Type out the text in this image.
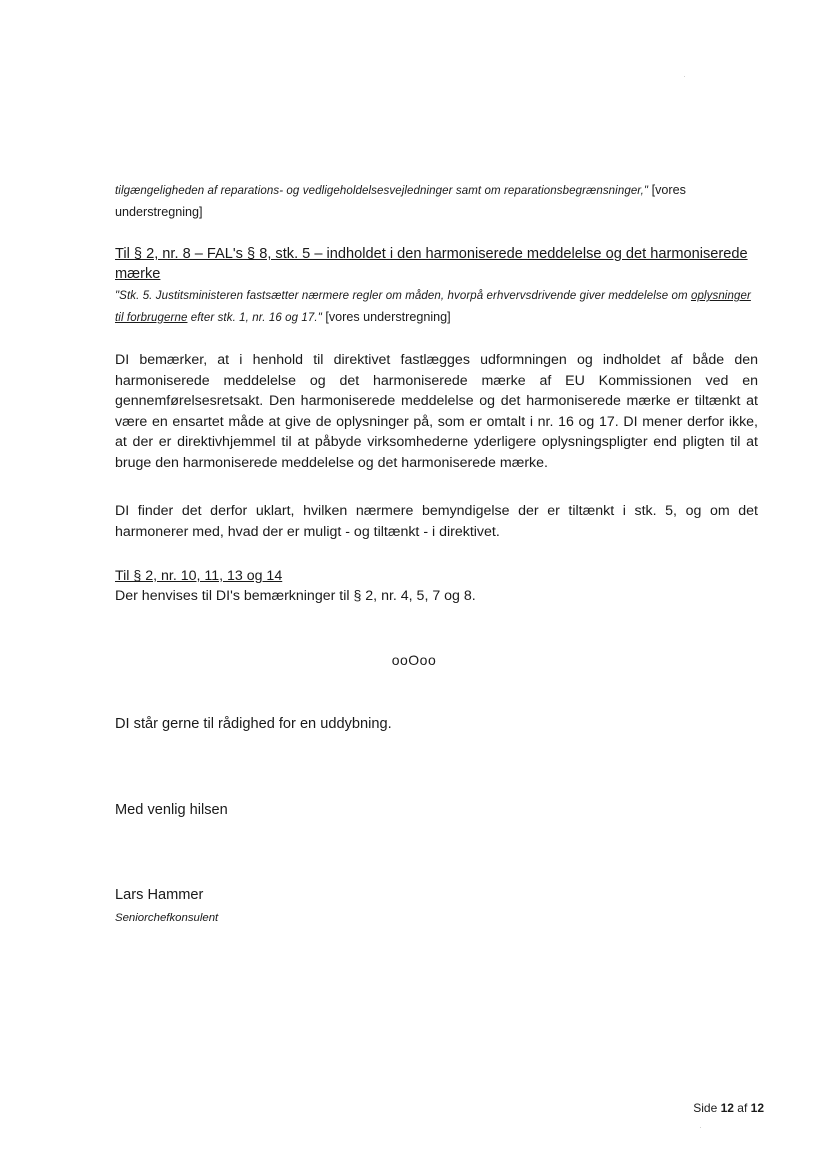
tilgængeligheden af reparations- og vedligeholdelsesvejledninger samt om reparationsbegrænsninger," [vores understregning]
Til § 2, nr. 8 – FAL's § 8, stk. 5 – indholdet i den harmoniserede meddelelse og det harmoniserede mærke
"Stk. 5. Justitsministeren fastsætter nærmere regler om måden, hvorpå erhvervsdrivende giver meddelelse om oplysninger til forbrugerne efter stk. 1, nr. 16 og 17." [vores understregning]
DI bemærker, at i henhold til direktivet fastlægges udformningen og indholdet af både den harmoniserede meddelelse og det harmoniserede mærke af EU Kommissionen ved en gennemførelsesretsakt. Den harmoniserede meddelelse og det harmoniserede mærke er tiltænkt at være en ensartet måde at give de oplysninger på, som er omtalt i nr. 16 og 17. DI mener derfor ikke, at der er direktivhjemmel til at påbyde virksomhederne yderligere oplysningspligter end pligten til at bruge den harmoniserede meddelelse og det harmoniserede mærke.
DI finder det derfor uklart, hvilken nærmere bemyndigelse der er tiltænkt i stk. 5, og om det harmonerer med, hvad der er muligt - og tiltænkt - i direktivet.
Til § 2, nr. 10, 11, 13 og 14
Der henvises til DI's bemærkninger til § 2, nr. 4, 5, 7 og 8.
ooOoo
DI står gerne til rådighed for en uddybning.
Med venlig hilsen
Lars Hammer
Seniorchefkonsulent
Side 12 af 12
